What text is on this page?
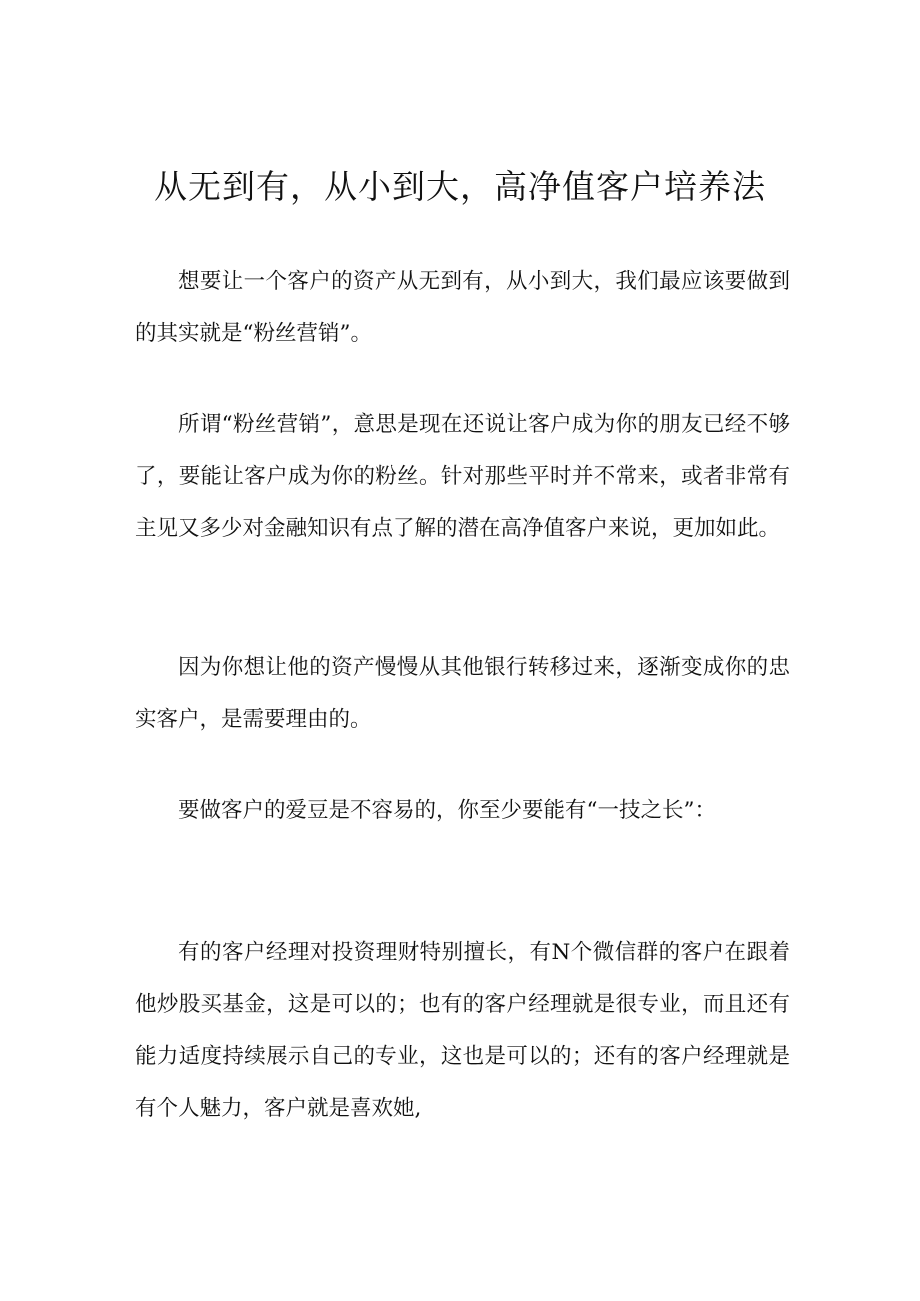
从无到有，从小到大，高净值客户培养法

想要让一个客户的资产从无到有，从小到大，我们最应该要做到的其实就是“粉丝营销”。

所谓“粉丝营销”，意思是现在还说让客户成为你的朋友已经不够了，要能让客户成为你的粉丝。针对那些平时并不常来，或者非常有主见又多少对金融知识有点了解的潜在高净值客户来说，更加如此。

因为你想让他的资产慢慢从其他银行转移过来，逐渐变成你的忠实客户，是需要理由的。

要做客户的爱豆是不容易的，你至少要能有“一技之长”：

有的客户经理对投资理财特别擅长，有N个微信群的客户在跟着他炒股买基金，这是可以的；也有的客户经理就是很专业，而且还有能力适度持续展示自己的专业，这也是可以的；还有的客户经理就是有个人魅力，客户就是喜欢她,
